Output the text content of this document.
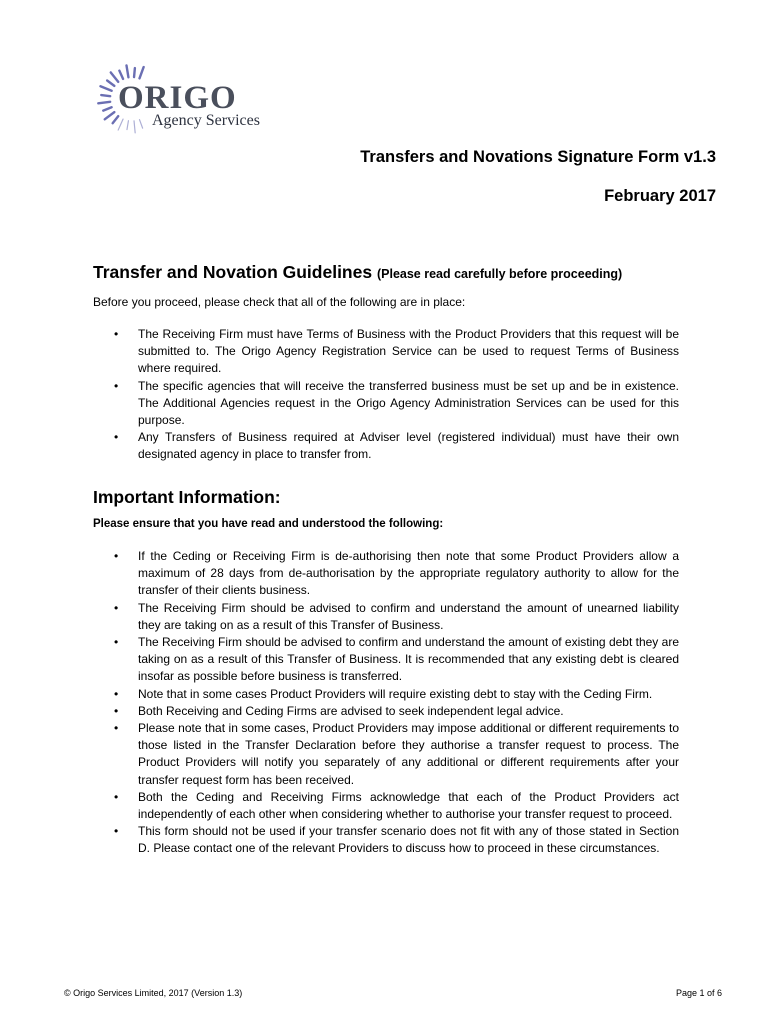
ORIGO
Agency Services
Transfers and Novations Signature Form v1.3
February 2017
Transfer and Novation Guidelines (Please read carefully before proceeding)
Before you proceed, please check that all of the following are in place:
• The Receiving Firm must have Terms of Business with the Product Providers that this request will be submitted to. The Origo Agency Registration Service can be used to request Terms of Business where required.
• The specific agencies that will receive the transferred business must be set up and be in existence. The Additional Agencies request in the Origo Agency Administration Services can be used for this purpose.
• Any Transfers of Business required at Adviser level (registered individual) must have their own designated agency in place to transfer from.
Important Information:
Please ensure that you have read and understood the following:
• If the Ceding or Receiving Firm is de-authorising then note that some Product Providers allow a maximum of 28 days from de-authorisation by the appropriate regulatory authority to allow for the transfer of their clients business.
• The Receiving Firm should be advised to confirm and understand the amount of unearned liability they are taking on as a result of this Transfer of Business.
• The Receiving Firm should be advised to confirm and understand the amount of existing debt they are taking on as a result of this Transfer of Business. It is recommended that any existing debt is cleared insofar as possible before business is transferred.
• Note that in some cases Product Providers will require existing debt to stay with the Ceding Firm.
• Both Receiving and Ceding Firms are advised to seek independent legal advice.
• Please note that in some cases, Product Providers may impose additional or different requirements to those listed in the Transfer Declaration before they authorise a transfer request to process. The Product Providers will notify you separately of any additional or different requirements after your transfer request form has been received.
• Both the Ceding and Receiving Firms acknowledge that each of the Product Providers act independently of each other when considering whether to authorise your transfer request to proceed.
• This form should not be used if your transfer scenario does not fit with any of those stated in Section D. Please contact one of the relevant Providers to discuss how to proceed in these circumstances.
© Origo Services Limited, 2017 (Version 1.3)	Page 1 of 6
